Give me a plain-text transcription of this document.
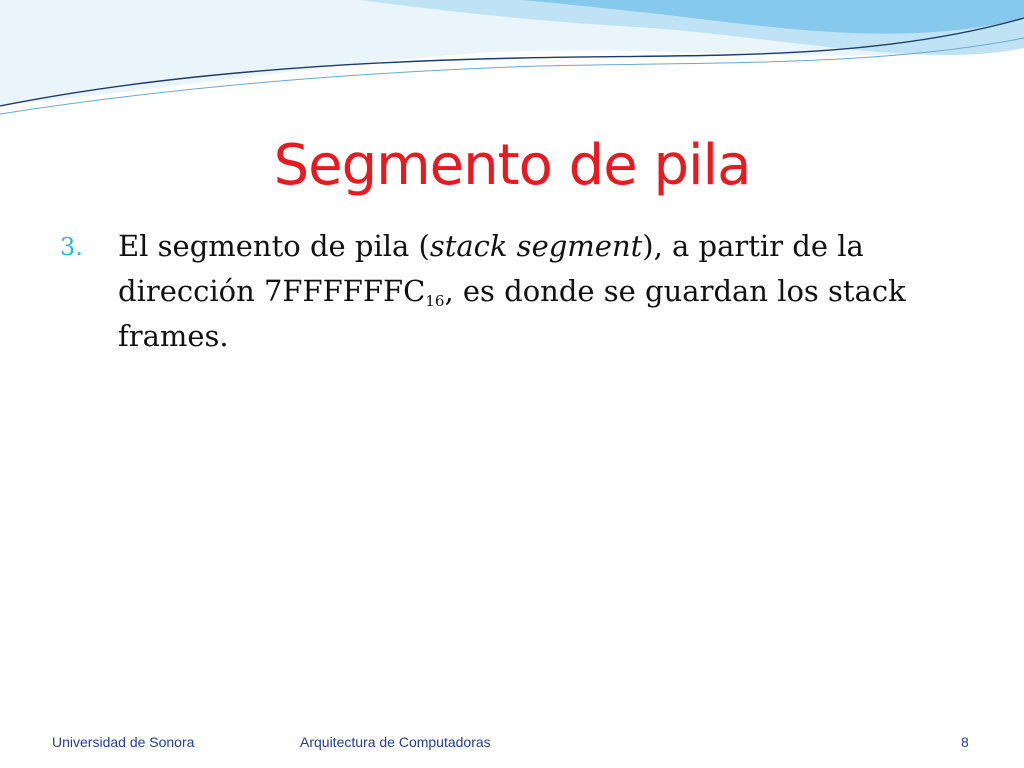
Segmento de pila
3.	El segmento de pila (stack segment), a partir de la dirección $7FFFFFFC_{16}$, es donde se guardan los stack frames.
Universidad de Sonora	Arquitectura de Computadoras	8
